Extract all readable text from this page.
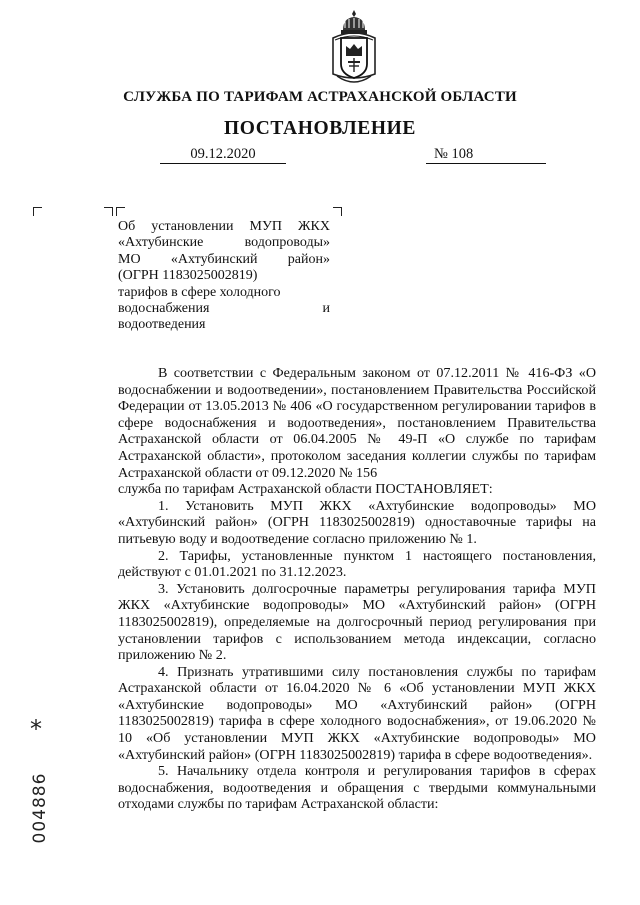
СЛУЖБА ПО ТАРИФАМ АСТРАХАНСКОЙ ОБЛАСТИ
ПОСТАНОВЛЕНИЕ
09.12.2020	№ 108
Об установлении МУП ЖКХ
«Ахтубинские водопроводы»
МО «Ахтубинский район»
(ОГРН 1183025002819)
тарифов в сфере холодного
водоснабжения и
водоотведения

В соответствии с Федеральным законом от 07.12.2011 № 416-ФЗ «О водоснабжении и водоотведении», постановлением Правительства Российской Федерации от 13.05.2013 № 406 «О государственном регулировании тарифов в сфере водоснабжения и водоотведения», постановлением Правительства Астраханской области от 06.04.2005 № 49-П «О службе по тарифам Астраханской области», протоколом заседания коллегии службы по тарифам Астраханской области от 09.12.2020 № 156

служба по тарифам Астраханской области ПОСТАНОВЛЯЕТ:

1. Установить МУП ЖКХ «Ахтубинские водопроводы» МО «Ахтубинский район» (ОГРН 1183025002819) одноставочные тарифы на питьевую воду и водоотведение согласно приложению № 1.

2. Тарифы, установленные пунктом 1 настоящего постановления, действуют с 01.01.2021 по 31.12.2023.

3. Установить долгосрочные параметры регулирования тарифа МУП ЖКХ «Ахтубинские водопроводы» МО «Ахтубинский район» (ОГРН 1183025002819), определяемые на долгосрочный период регулирования при установлении тарифов с использованием метода индексации, согласно приложению № 2.

4. Признать утратившими силу постановления службы по тарифам Астраханской области от 16.04.2020 № 6 «Об установлении МУП ЖКХ «Ахтубинские водопроводы» МО «Ахтубинский район» (ОГРН 1183025002819) тарифа в сфере холодного водоснабжения», от 19.06.2020 № 10 «Об установлении МУП ЖКХ «Ахтубинские водопроводы» МО «Ахтубинский район» (ОГРН 1183025002819) тарифа в сфере водоотведения».

5. Начальнику отдела контроля и регулирования тарифов в сферах водоснабжения, водоотведения и обращения с твердыми коммунальными отходами службы по тарифам Астраханской области:

*
004886
